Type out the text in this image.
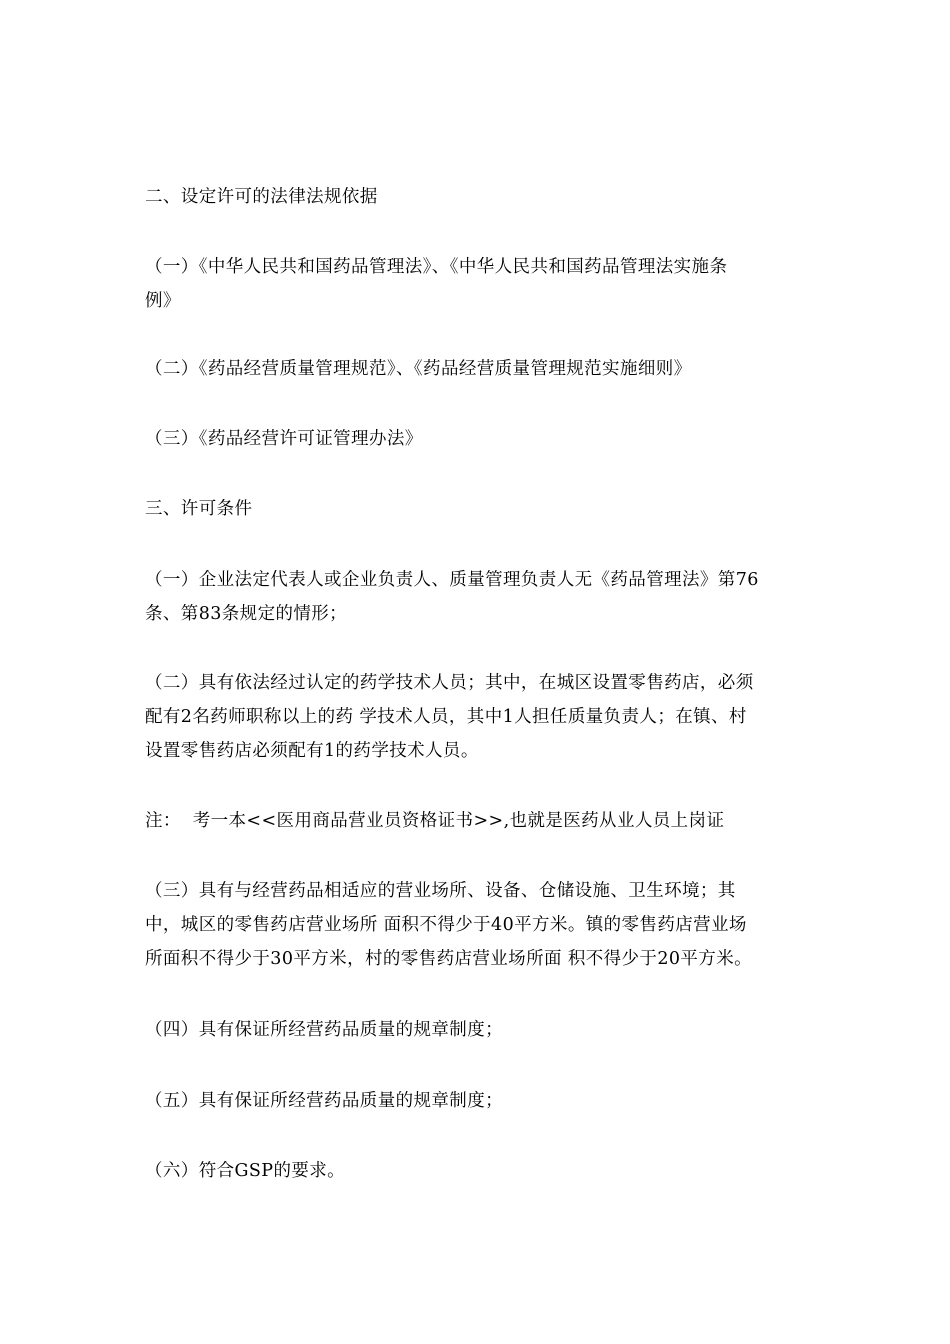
二、设定许可的法律法规依据

（一）《中华人民共和国药品管理法》、《中华人民共和国药品管理法实施条
例》

（二）《药品经营质量管理规范》、《药品经营质量管理规范实施细则》

（三）《药品经营许可证管理办法》

三、许可条件

（一）企业法定代表人或企业负责人、质量管理负责人无《药品管理法》第76
条、第83条规定的情形；

（二）具有依法经过认定的药学技术人员；其中，在城区设置零售药店，必须
配有2名药师职称以上的药 学技术人员，其中1人担任质量负责人；在镇、村
设置零售药店必须配有1的药学技术人员。

注：  考一本<<医用商品营业员资格证书>>,也就是医药从业人员上岗证

（三）具有与经营药品相适应的营业场所、设备、仓储设施、卫生环境；其
中，城区的零售药店营业场所 面积不得少于40平方米。镇的零售药店营业场
所面积不得少于30平方米，村的零售药店营业场所面 积不得少于20平方米。

（四）具有保证所经营药品质量的规章制度；

（五）具有保证所经营药品质量的规章制度；

（六）符合GSP的要求。
